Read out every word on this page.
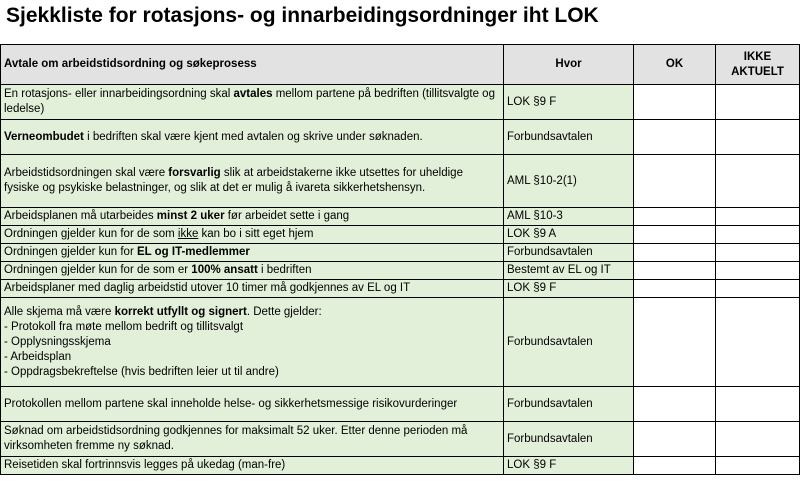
Sjekkliste for rotasjons- og innarbeidingsordninger iht LOK
Avtale om arbeidstidsordning og søkeprosess	Hvor	OK	IKKE AKTUELT
En rotasjons- eller innarbeidingsordning skal avtales mellom partene på bedriften (tillitsvalgte og ledelse)	LOK §9 F		
Verneombudet i bedriften skal være kjent med avtalen og skrive under søknaden.	Forbundsavtalen		
Arbeidstidsordningen skal være forsvarlig slik at arbeidstakerne ikke utsettes for uheldige fysiske og psykiske belastninger, og slik at det er mulig å ivareta sikkerhetshensyn.	AML §10-2(1)		
Arbeidsplanen må utarbeides minst 2 uker før arbeidet sette i gang	AML §10-3		
Ordningen gjelder kun for de som ikke kan bo i sitt eget hjem	LOK §9 A		
Ordningen gjelder kun for EL og IT-medlemmer	Forbundsavtalen		
Ordningen gjelder kun for de som er 100% ansatt i bedriften	Bestemt av EL og IT		
Arbeidsplaner med daglig arbeidstid utover 10 timer må godkjennes av EL og IT	LOK §9 F		

Alle skjema må være korrekt utfyllt og signert. Dette gjelder:
- Protokoll fra møte mellom bedrift og tillitsvalgt
- Opplysningsskjema
- Arbeidsplan
- Oppdragsbekreftelse (hvis bedriften leier ut til andre)	Forbundsavtalen		
Protokollen mellom partene skal inneholde helse- og sikkerhetsmessige risikovurderinger	Forbundsavtalen		
Søknad om arbeidstidsordning godkjennes for maksimalt 52 uker. Etter denne perioden må virksomheten fremme ny søknad.	Forbundsavtalen		
Reisetiden skal fortrinnsvis legges på ukedag (man-fre)	LOK §9 F		
